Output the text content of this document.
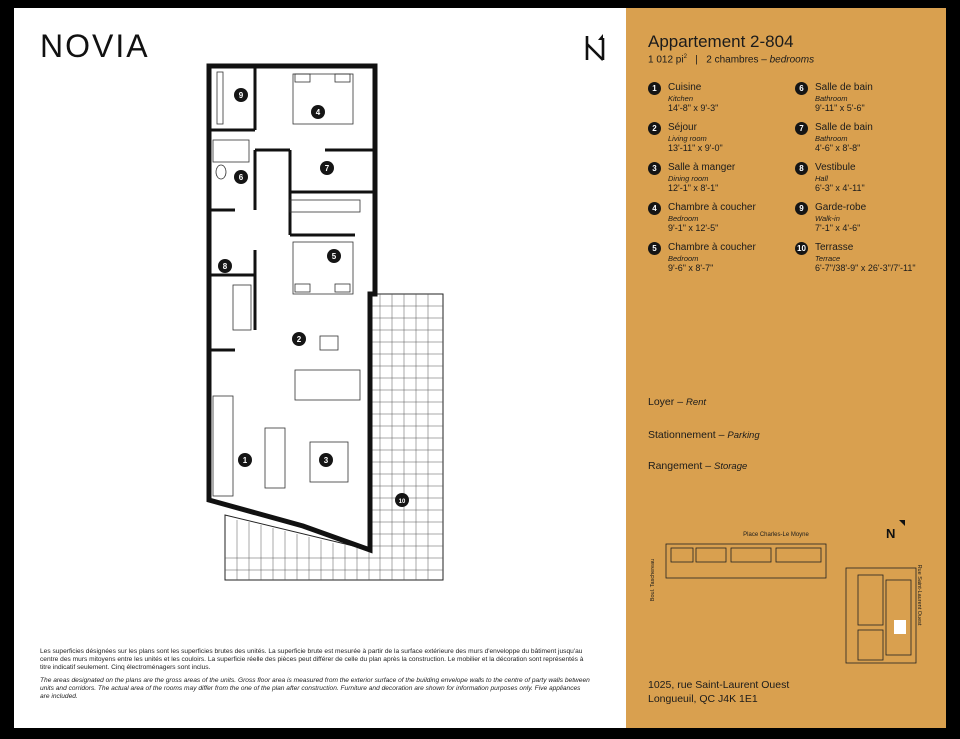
Appartement 2-804
1 012 $pi^2$ | 2 chambres – bedrooms
1	Cuisine
Kitchen
14'-8" x 9'-3"
2	Séjour
Living room
13'-11" x 9'-0"
3	Salle à manger
Dining room
12'-1" x 8'-1"
4	Chambre à coucher
Bedroom
9'-1" x 12'-5"
5	Chambre à coucher
Bedroom
9'-6" x 8'-7"
6	Salle de bain
Bathroom
9'-11" x 5'-6"
7	Salle de bain
Bathroom
4'-6" x 8'-8"
8	Vestibule
Hall
6'-3" x 4'-11"
9	Garde-robe
Walk-in
7'-1" x 4'-6"
10 Terrasse
Terrace
6'-7"/38'-9" x 26'-3"/7'-11"
Loyer – Rent
Stationnement – Parking
Rangement – Storage
1025, rue Saint-Laurent Ouest
Longueuil, QC J4K 1E1
NOVIA
9
4
7
6
5
8
2
1	3
10
Place Charles-Le Moyne
Boul. Taschereau	Rue Saint-Laurent Ouest
N

Les superficies désignées sur les plans sont les superficies brutes des unités. La superficie brute est mesurée à partir de la surface extérieure des murs d'enveloppe du bâtiment jusqu'au centre des murs mitoyens entre les unités et les couloirs. La superficie réelle des pièces peut différer de celle du plan après la construction. Le mobilier et la décoration sont représentés à titre indicatif seulement. Cinq électroménagers sont inclus.

The areas designated on the plans are the gross areas of the units. Gross floor area is measured from the exterior surface of the building envelope walls to the centre of party walls between units and corridors. The actual area of the rooms may differ from the one of the plan after construction. Furniture and decoration are shown for information purposes only. Five appliances are included.
